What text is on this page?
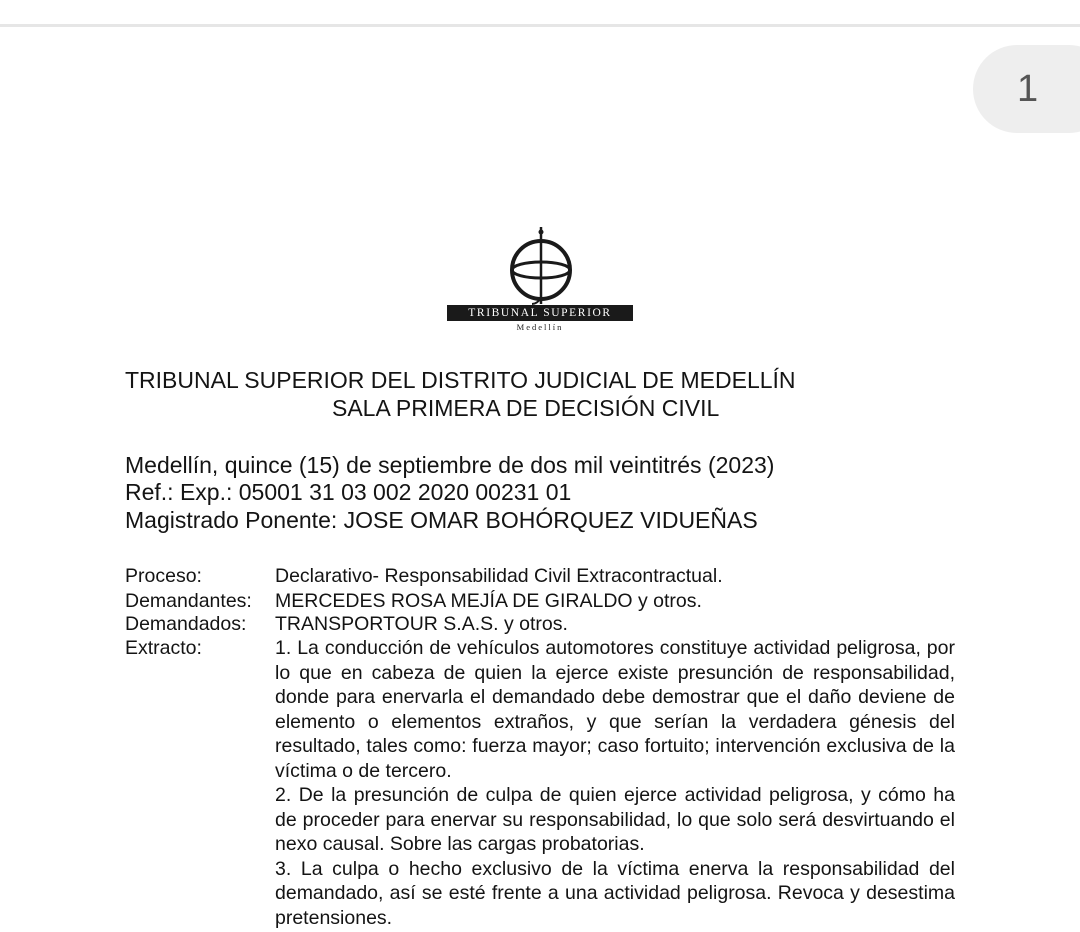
1
TRIBUNAL SUPERIOR
Medellín
TRIBUNAL SUPERIOR DEL DISTRITO JUDICIAL DE MEDELLÍN
SALA PRIMERA DE DECISIÓN CIVIL
Medellín, quince (15) de septiembre de dos mil veintitrés (2023)
Ref.: Exp.: 05001 31 03 002 2020 00231 01
Magistrado Ponente: JOSE OMAR BOHÓRQUEZ VIDUEÑAS
Proceso:	Declarativo- Responsabilidad Civil Extracontractual.
Demandantes: MERCEDES ROSA MEJÍA DE GIRALDO y otros.
Demandados: TRANSPORTOUR S.A.S. y otros.
Extracto:	1. La conducción de vehículos automotores constituye actividad peligrosa, por lo que en cabeza de quien la ejerce existe presunción de responsabilidad, donde para enervarla el demandado debe demostrar que el daño deviene de elemento o elementos extraños, y que serían la verdadera génesis del resultado, tales como: fuerza mayor; caso fortuito; intervención exclusiva de la víctima o de tercero.

2. De la presunción de culpa de quien ejerce actividad peligrosa, y cómo ha de proceder para enervar su responsabilidad, lo que solo será desvirtuando el nexo causal. Sobre las cargas probatorias.

3. La culpa o hecho exclusivo de la víctima enerva la responsabilidad del demandado, así se esté frente a una actividad peligrosa. Revoca y desestima pretensiones.
